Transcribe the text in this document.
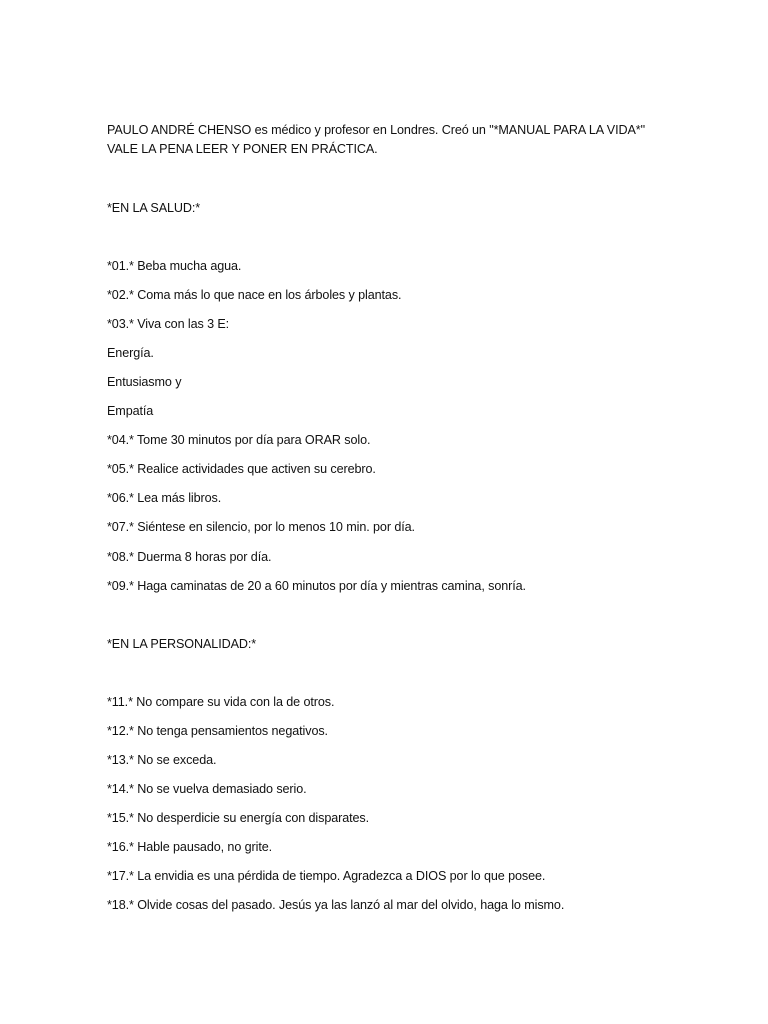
PAULO ANDRÉ CHENSO es médico y profesor en Londres. Creó un "*MANUAL PARA LA VIDA*"
VALE LA PENA LEER Y PONER EN PRÁCTICA.
*EN LA SALUD:*
*01.* Beba mucha agua.
*02.* Coma más lo que nace en los árboles y plantas.
*03.* Viva con las 3 E:
Energía.
Entusiasmo y
Empatía
*04.* Tome 30 minutos por día para ORAR solo.
*05.* Realice actividades que activen su cerebro.
*06.* Lea más libros.
*07.* Siéntese en silencio, por lo menos 10 min. por día.
*08.* Duerma 8 horas por día.
*09.* Haga caminatas de 20 a 60 minutos por día y mientras camina, sonría.
*EN LA PERSONALIDAD:*
*11.* No compare su vida con la de otros.
*12.* No tenga pensamientos negativos.
*13.* No se exceda.
*14.* No se vuelva demasiado serio.
*15.* No desperdicie su energía con disparates.
*16.* Hable pausado, no grite.
*17.* La envidia es una pérdida de tiempo. Agradezca a DIOS por lo que posee.
*18.* Olvide cosas del pasado. Jesús ya las lanzó al mar del olvido, haga lo mismo.
